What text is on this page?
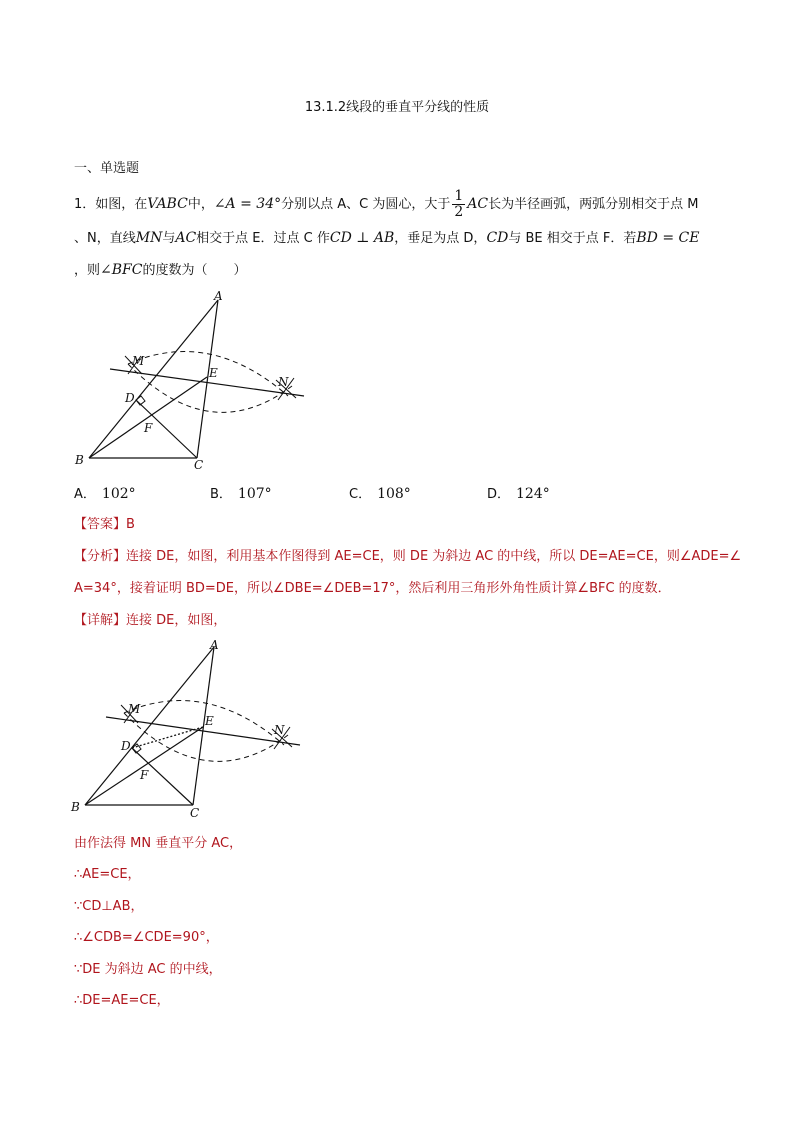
13.1.2线段的垂直平分线的性质
一、单选题
1．如图，在VABC中，∠A = 34°分别以点 A、C 为圆心，大于 $\frac{1}{2}$ AC长为半径画弧，两弧分别相交于点 M
、N，直线MN与AC相交于点 E．过点 C 作CD ⊥ AB，垂足为点 D，CD与 BE 相交于点 F．若BD = CE
，则∠BFC的度数为（　　）
A
B	C
D
E
F
M
N
A． 102°	B． 107°	C． 108°	D． 124°
【答案】B
【分析】连接 DE，如图，利用基本作图得到 AE=CE，则 DE 为斜边 AC 的中线，所以 DE=AE=CE，则∠ADE=∠
A=34°，接着证明 BD=DE，所以∠DBE=∠DEB=17°，然后利用三角形外角性质计算∠BFC 的度数．
【详解】连接 DE，如图，
A
B	C
D
E
F
M
N
由作法得 MN 垂直平分 AC，
∴AE=CE，
∵CD⊥AB，
∴∠CDB=∠CDE=90°，
∵DE 为斜边 AC 的中线，
∴DE=AE=CE，
